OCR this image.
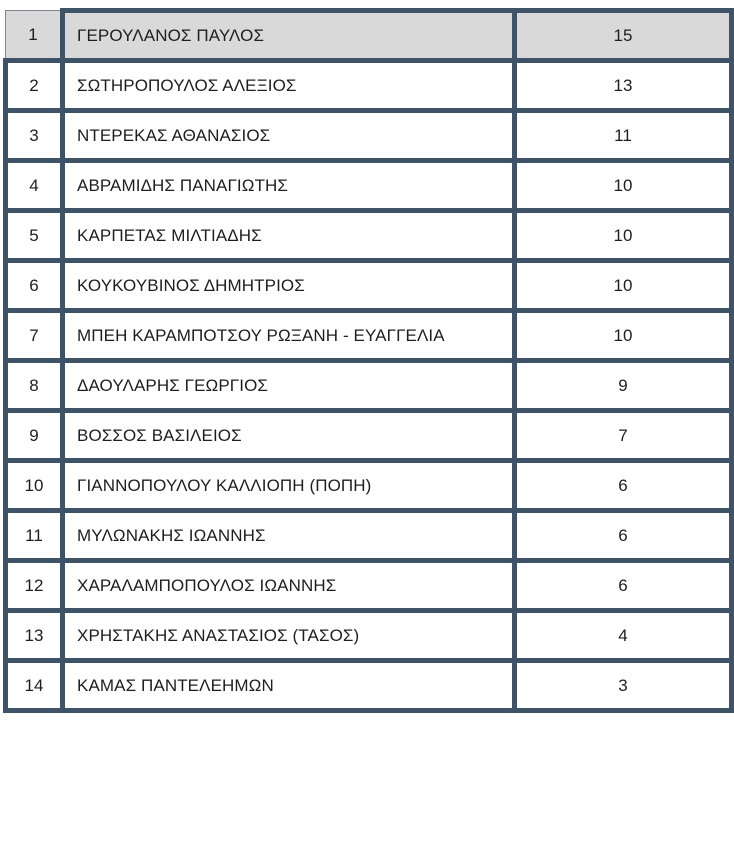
1	ΓΕΡΟΥΛΑΝΟΣ ΠΑΥΛΟΣ	15
2	ΣΩΤΗΡΟΠΟΥΛΟΣ ΑΛΕΞΙΟΣ	13
3	ΝΤΕΡΕΚΑΣ ΑΘΑΝΑΣΙΟΣ	11
4	ΑΒΡΑΜΙΔΗΣ ΠΑΝΑΓΙΩΤΗΣ	10
5	ΚΑΡΠΕΤΑΣ ΜΙΛΤΙΑΔΗΣ	10
6	ΚΟΥΚΟΥΒΙΝΟΣ ΔΗΜΗΤΡΙΟΣ	10
7	ΜΠΕΗ ΚΑΡΑΜΠΟΤΣΟΥ ΡΩΞΑΝΗ - ΕΥΑΓΓΕΛΙΑ	10
8	ΔΑΟΥΛΑΡΗΣ ΓΕΩΡΓΙΟΣ	9
9	ΒΟΣΣΟΣ ΒΑΣΙΛΕΙΟΣ	7
10	ΓΙΑΝΝΟΠΟΥΛΟΥ ΚΑΛΛΙΟΠΗ (ΠΟΠΗ)	6
11	ΜΥΛΩΝΑΚΗΣ ΙΩΑΝΝΗΣ	6
12	ΧΑΡΑΛΑΜΠΟΠΟΥΛΟΣ ΙΩΑΝΝΗΣ	6
13	ΧΡΗΣΤΑΚΗΣ ΑΝΑΣΤΑΣΙΟΣ (ΤΑΣΟΣ)	4
14	ΚΑΜΑΣ ΠΑΝΤΕΛΕΗΜΩΝ	3
